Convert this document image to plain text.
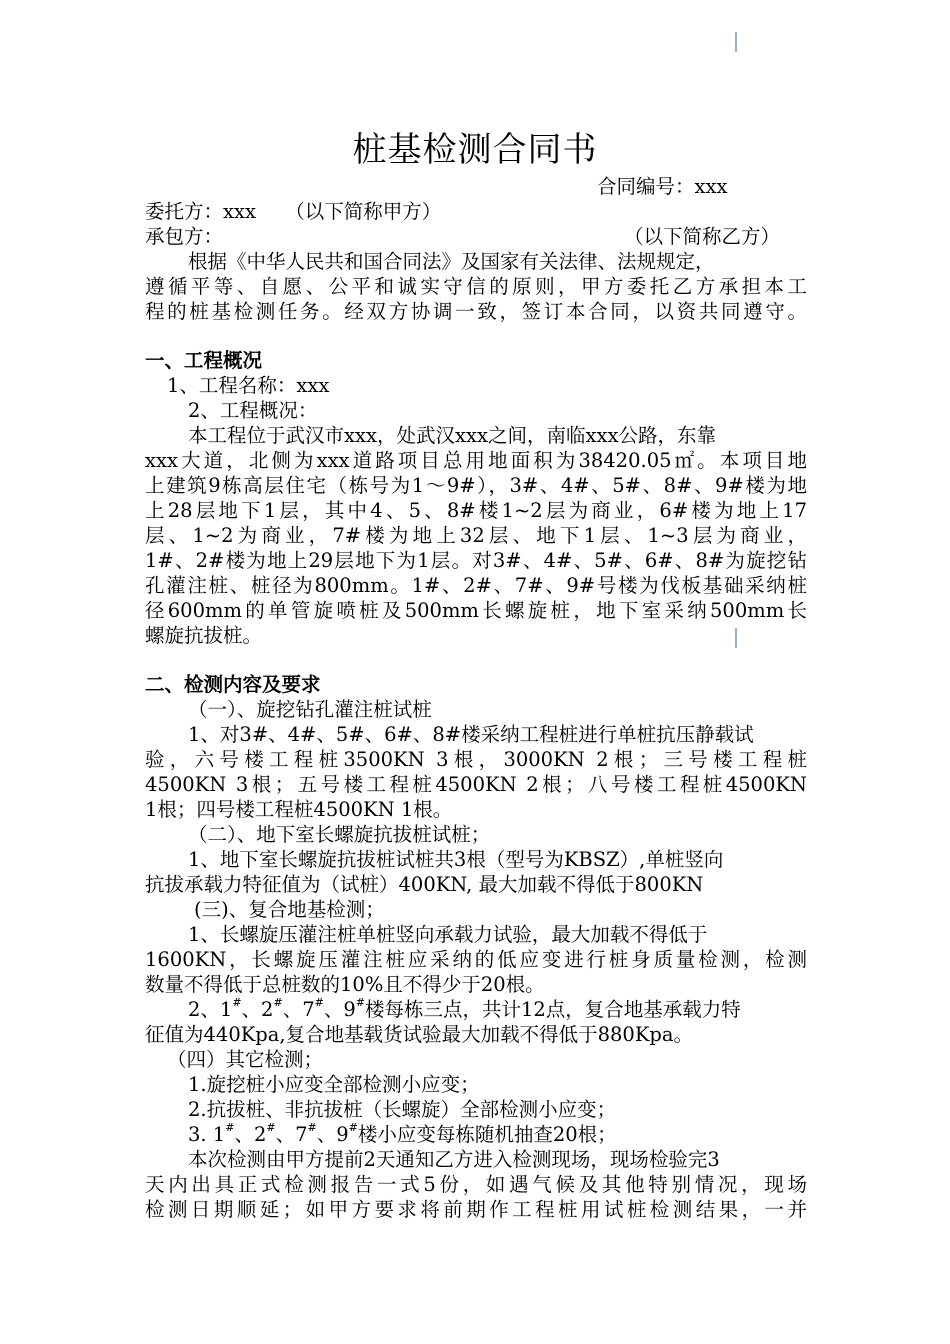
桩基检测合同书
合同编号：xxx
委托方：xxx　　（以下简称甲方）
承包方：	（以下简称乙方）
根据《中华人民共和国合同法》及国家有关法律、法规规定，
遵循平等、自愿、公平和诚实守信的原则，甲方委托乙方承担本工
程的桩基检测任务。经双方协调一致，签订本合同，以资共同遵守。
一、工程概况
1、工程名称：xxx
2、工程概况：
本工程位于武汉市xxx，处武汉xxx之间，南临xxx公路，东靠
xxx大道，北侧为xxx道路项目总用地面积为38420.05㎡。本项目地
上建筑9栋高层住宅（栋号为1～9#），3#、4#、5#、8#、9#楼为地
上28层地下1层，其中4、5、8#楼1~2层为商业，6#楼为地上17
层、1~2为商业，7#楼为地上32层、地下1层、1~3层为商业，
1#、2#楼为地上29层地下为1层。对3#、4#、5#、6#、8#为旋挖钻
孔灌注桩、桩径为800mm。1#、2#、7#、9#号楼为伐板基础采纳桩
径600mm的单管旋喷桩及500mm长螺旋桩，地下室采纳500mm长
螺旋抗拔桩。
二、检测内容及要求
（一）、旋挖钻孔灌注桩试桩
1、对3#、4#、5#、6#、8#楼采纳工程桩进行单桩抗压静载试
验，六号楼工程桩3500KN 3根，3000KN 2根；三号楼工程桩
4500KN 3根；五号楼工程桩4500KN 2根；八号楼工程桩4500KN
1根；四号楼工程桩4500KN 1根。
（二）、地下室长螺旋抗拔桩试桩；
1、地下室长螺旋抗拔桩试桩共3根（型号为KBSZ）,单桩竖向
抗拔承载力特征值为（试桩）400KN, 最大加载不得低于800KN
(三)、复合地基检测；
1、长螺旋压灌注桩单桩竖向承载力试验，最大加载不得低于
1600KN，长螺旋压灌注桩应采纳的低应变进行桩身质量检测，检测
数量不得低于总桩数的10%且不得少于20根。
2、1#、2#、7#、9#楼每栋三点，共计12点，复合地基承载力特
征值为440Kpa,复合地基载货试验最大加载不得低于880Kpa。
（四）其它检测；
1.旋挖桩小应变全部检测小应变；
2.抗拔桩、非抗拔桩（长螺旋）全部检测小应变；
3. 1#、2#、7#、9#楼小应变每栋随机抽查20根；
本次检测由甲方提前2天通知乙方进入检测现场，现场检验完3
天内出具正式检测报告一式5份，如遇气候及其他特别情况，现场
检测日期顺延；如甲方要求将前期作工程桩用试桩检测结果，一并
